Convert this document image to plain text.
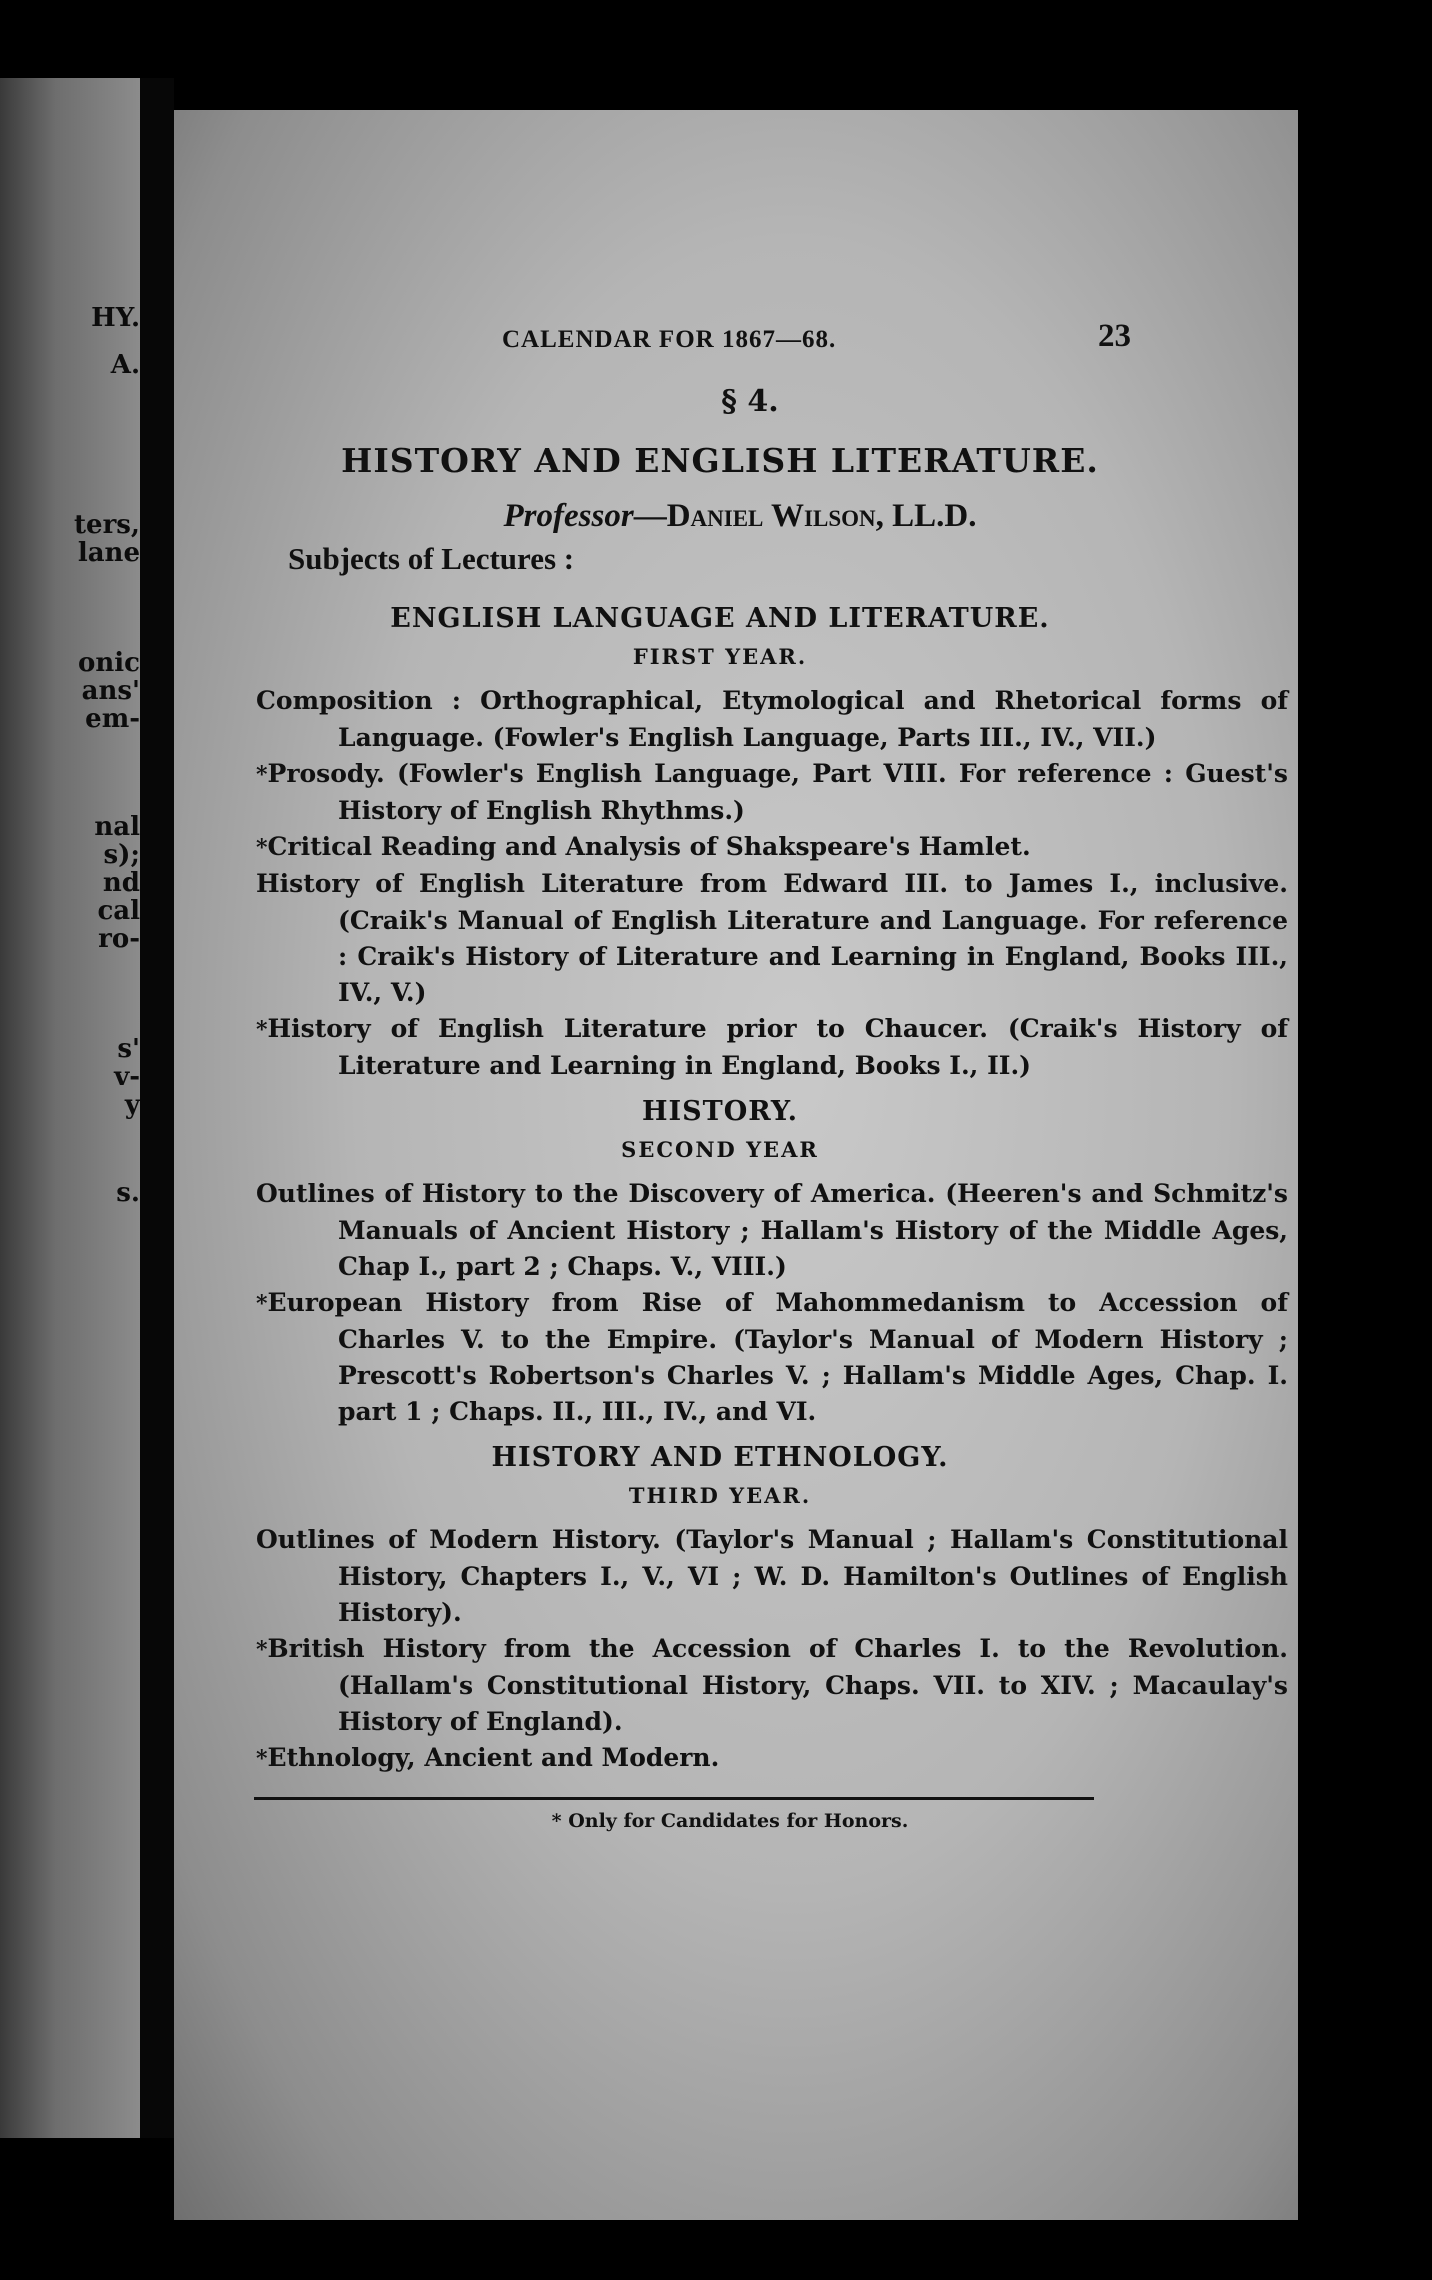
HY.
A.
ters,
lane
onic
ans'
em-
nal
s);
nd
cal
ro-
s'
v-
y
s.
CALENDAR FOR 1867—68.	23
§ 4.
HISTORY AND ENGLISH LITERATURE.
Professor—Daniel Wilson, LL.D.
Subjects of Lectures :
ENGLISH LANGUAGE AND LITERATURE.
FIRST YEAR.
Composition : Orthographical, Etymological and Rhetorical forms of Language. (Fowler's English Language, Parts III., IV., VII.)
*Prosody. (Fowler's English Language, Part VIII. For reference : Guest's History of English Rhythms.)
*Critical Reading and Analysis of Shakspeare's Hamlet.
History of English Literature from Edward III. to James I., inclusive. (Craik's Manual of English Literature and Language. For reference : Craik's History of Literature and Learning in England, Books III., IV., V.)
*History of English Literature prior to Chaucer. (Craik's History of Literature and Learning in England, Books I., II.)
HISTORY.
SECOND YEAR
Outlines of History to the Discovery of America. (Heeren's and Schmitz's Manuals of Ancient History ; Hallam's History of the Middle Ages, Chap I., part 2 ; Chaps. V., VIII.)
*European History from Rise of Mahommedanism to Accession of Charles V. to the Empire. (Taylor's Manual of Modern History ; Prescott's Robertson's Charles V. ; Hallam's Middle Ages, Chap. I. part 1 ; Chaps. II., III., IV., and VI.
HISTORY AND ETHNOLOGY.
THIRD YEAR.
Outlines of Modern History. (Taylor's Manual ; Hallam's Constitutional History, Chapters I., V., VI ; W. D. Hamilton's Outlines of English History).
*British History from the Accession of Charles I. to the Revolution. (Hallam's Constitutional History, Chaps. VII. to XIV. ; Macaulay's History of England).
*Ethnology, Ancient and Modern.
* Only for Candidates for Honors.
